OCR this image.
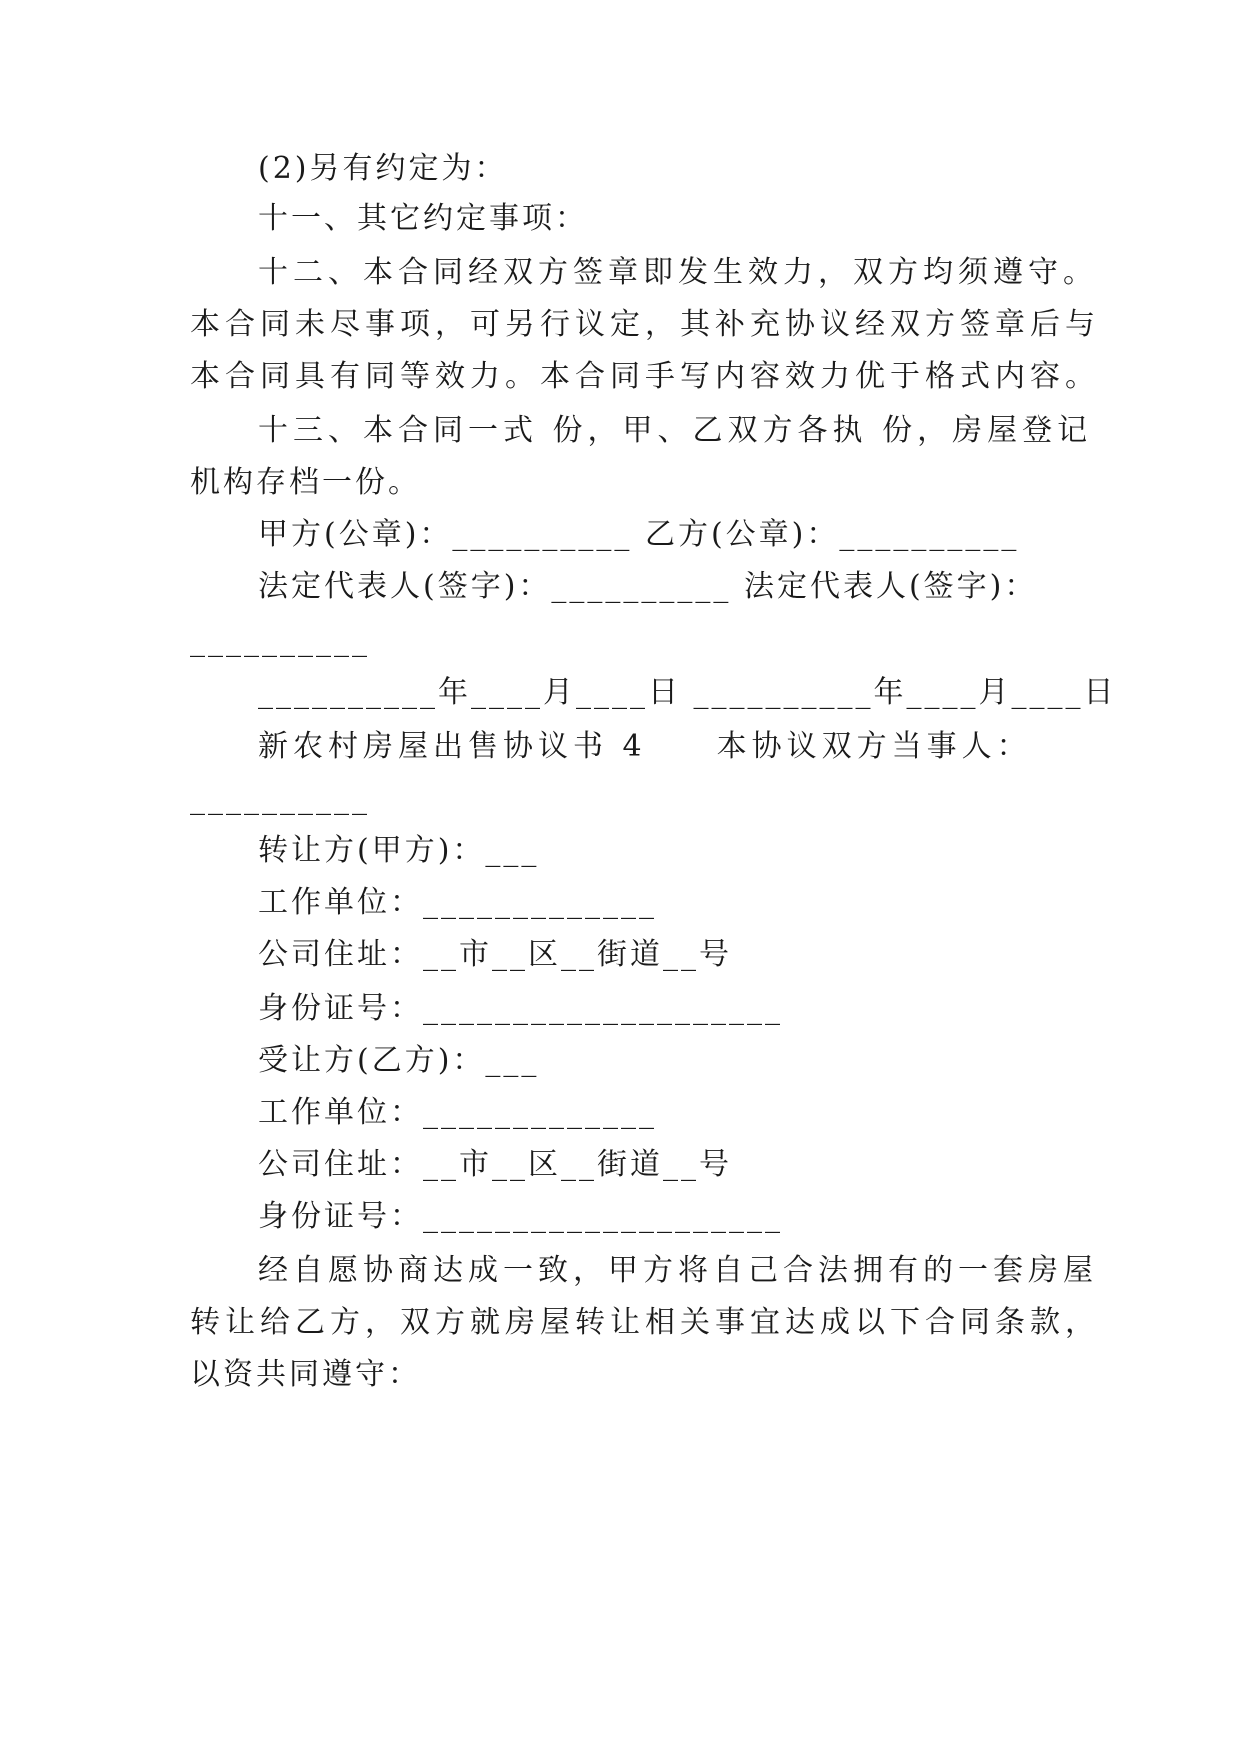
(2)另有约定为：
十一、其它约定事项：
十二、本合同经双方签章即发生效力，双方均须遵守。
本合同未尽事项，可另行议定，其补充协议经双方签章后与
本合同具有同等效力。本合同手写内容效力优于格式内容。
十三、本合同一式 份，甲、乙双方各执 份，房屋登记
机构存档一份。
甲方(公章)：__________ 乙方(公章)：__________
法定代表人(签字)：__________ 法定代表人(签字)：
__________
__________年____月____日 __________年____月____日
新农村房屋出售协议书 4　　本协议双方当事人：
__________
转让方(甲方)：___
工作单位：_____________
公司住址：__市__区__街道__号
身份证号：____________________
受让方(乙方)：___
工作单位：_____________
公司住址：__市__区__街道__号
身份证号：____________________
经自愿协商达成一致，甲方将自己合法拥有的一套房屋
转让给乙方，双方就房屋转让相关事宜达成以下合同条款，
以资共同遵守：
